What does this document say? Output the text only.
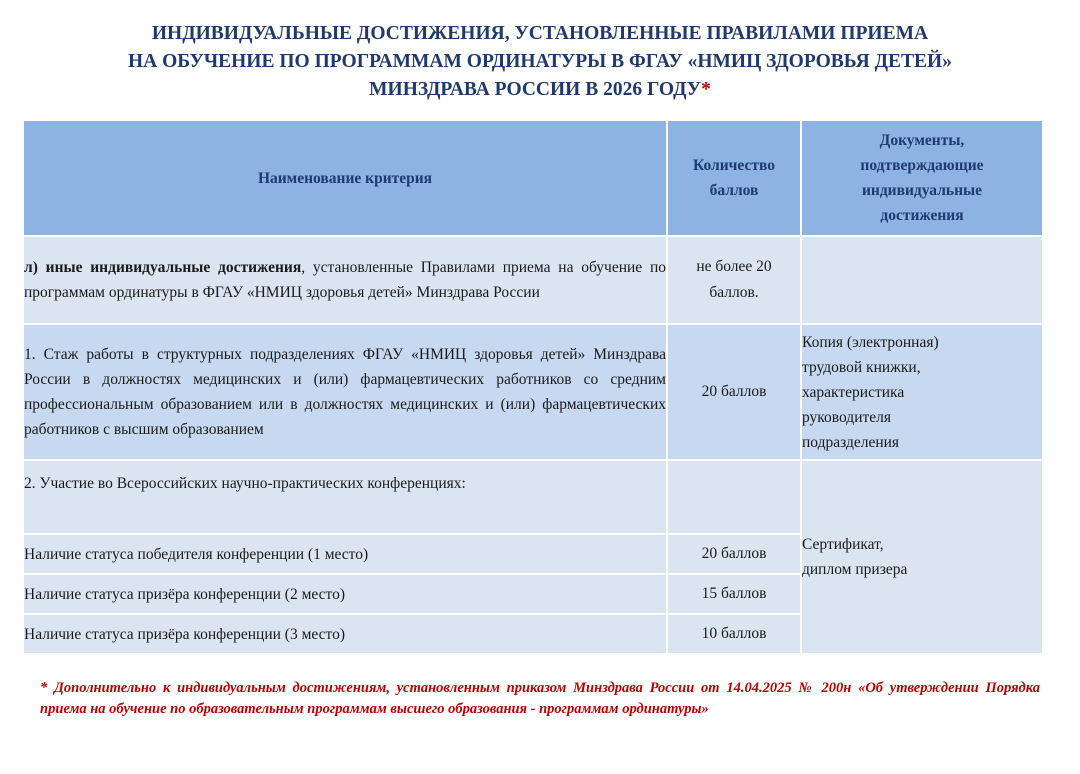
ИНДИВИДУАЛЬНЫЕ ДОСТИЖЕНИЯ, УСТАНОВЛЕННЫЕ ПРАВИЛАМИ ПРИЕМА
НА ОБУЧЕНИЕ ПО ПРОГРАММАМ ОРДИНАТУРЫ В ФГАУ «НМИЦ ЗДОРОВЬЯ ДЕТЕЙ»
МИНЗДРАВА РОССИИ В 2026 ГОДУ*
Наименование критерия	Количество баллов	Документы, подтверждающие индивидуальные достижения
л) иные индивидуальные достижения, установленные Правилами приема на обучение по программам ординатуры в ФГАУ «НМИЦ здоровья детей» Минздрава России	не более 20 баллов.	
1. Стаж работы в структурных подразделениях ФГАУ «НМИЦ здоровья детей» Минздрава России в должностях медицинских и (или) фармацевтических работников со средним профессиональным образованием или в должностях медицинских и (или) фармацевтических работников с высшим образованием	20 баллов	Копия (электронная) трудовой книжки, характеристика руководителя подразделения
2. Участие во Всероссийских научно-практических конференциях:		Сертификат,
диплом призера

Наличие статуса победителя конференции (1 место)	20 баллов	
Наличие статуса призёра конференции (2 место)	15 баллов	
Наличие статуса призёра конференции (3 место)	10 баллов	
* Дополнительно к индивидуальным достижениям, установленным приказом Минздрава России от 14.04.2025 № 200н «Об утверждении Порядка приема на обучение по образовательным программам высшего образования - программам ординатуры»
